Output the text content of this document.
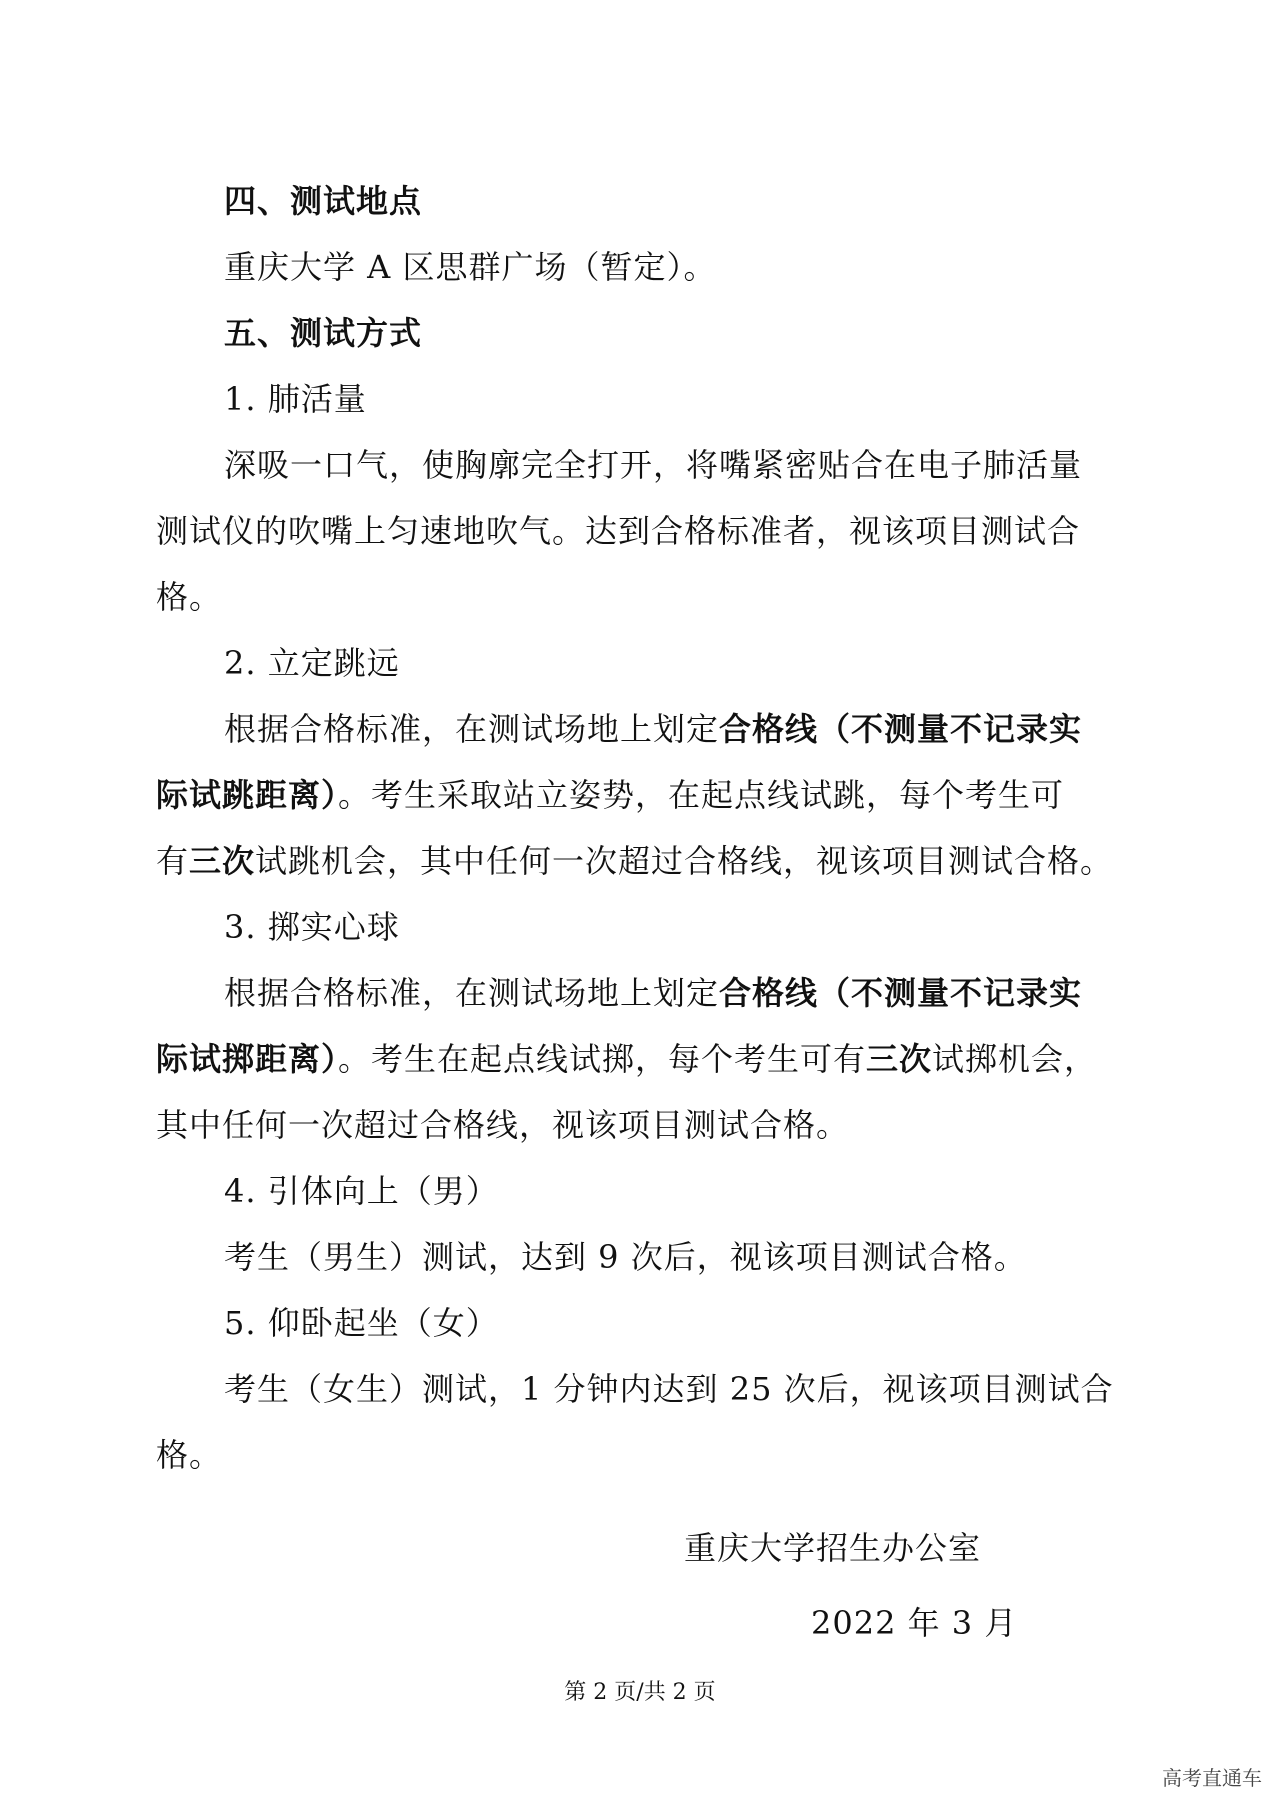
四、测试地点
重庆大学 A 区思群广场（暂定）。
五、测试方式
1. 肺活量
深吸一口气，使胸廓完全打开，将嘴紧密贴合在电子肺活量
测试仪的吹嘴上匀速地吹气。达到合格标准者，视该项目测试合
格。
2. 立定跳远
根据合格标准，在测试场地上划定合格线（不测量不记录实
际试跳距离）。考生采取站立姿势，在起点线试跳，每个考生可
有三次试跳机会，其中任何一次超过合格线，视该项目测试合格。
3. 掷实心球
根据合格标准，在测试场地上划定合格线（不测量不记录实
际试掷距离）。考生在起点线试掷，每个考生可有三次试掷机会，
其中任何一次超过合格线，视该项目测试合格。
4. 引体向上（男）
考生（男生）测试，达到 9 次后，视该项目测试合格。
5. 仰卧起坐（女）
考生（女生）测试，1 分钟内达到 25 次后，视该项目测试合
格。
重庆大学招生办公室
2022 年 3 月
第 2 页/共 2 页
高考直通车
